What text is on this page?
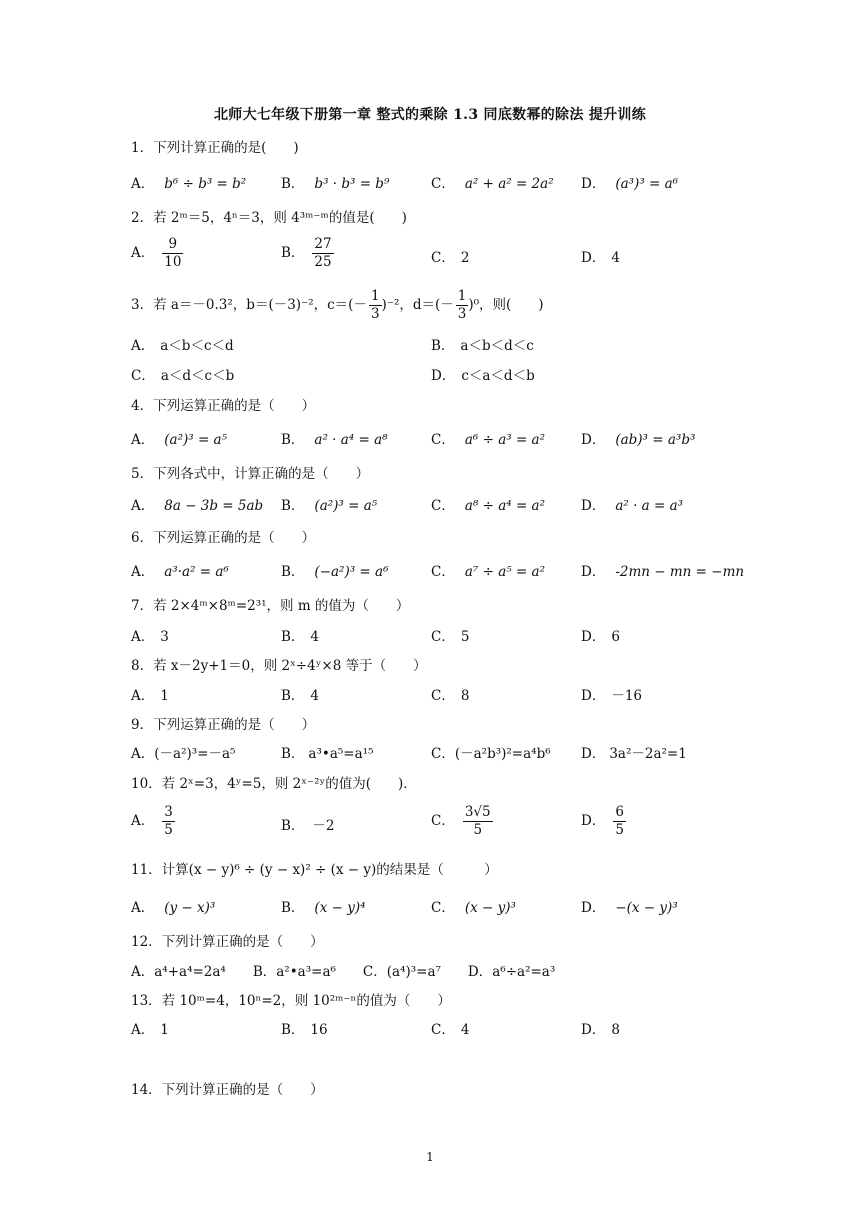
北师大七年级下册第一章 整式的乘除 1.3 同底数幂的除法 提升训练
1．下列计算正确的是(　　)
A． b⁶ ÷ b³ = b²	B． b³ · b³ = b⁹	C． a² + a² = 2a² D． (a³)³ = a⁶
2．若 2ᵐ＝5，4ⁿ＝3，则 4³ᵐ⁻ᵐ的值是(　　)
A． $\frac{9}{10}$	B． $\frac{27}{25}$	C． 2	D． 4
3．若 a＝－0.3²，b＝(－3)⁻²，$c=(- \frac{1}{3} )^{-2}$，$d=(- \frac{1}{3} )^0$，则(　　)
A． a＜b＜c＜d	B． a＜b＜d＜c
C． a＜d＜c＜b	D． c＜a＜d＜b
4．下列运算正确的是（　　）
A． (a²)³ = a⁵	B． a² · a⁴ = a⁸	C． a⁶ ÷ a³ = a²	D． (ab)³ = a³b³
5．下列各式中，计算正确的是（　　）
A． 8a − 3b = 5ab B． (a²)³ = a⁵	C． a⁸ ÷ a⁴ = a²	D． a² · a = a³
6．下列运算正确的是（　　）
A． a³·a² = a⁶	B． (−a²)³ = a⁶	C． a⁷ ÷ a⁵ = a²	D． -2mn − mn = −mn
7．若 2×4ᵐ×8ᵐ=2³¹，则 m 的值为（　　）
A． 3	B． 4	C． 5	D． 6
8．若 x－2y+1＝0，则 2ˣ÷4ʸ×8 等于（　　）
A． 1	B． 4	C． 8	D． －16
9．下列运算正确的是（　　）
A．(－a²)³=－a⁵	B． a³•a⁵=a¹⁵	C．(－a²b³)²=a⁴b⁶ D． 3a²－2a²=1
10．若 2ˣ=3，4ʸ=5，则 2ˣ⁻²ʸ的值为(　　)．
A． $\frac{3}{5}$	B． －2	C． $\frac{3√5}{5}$	D． $\frac{6}{5}$
11．计算(x − y)⁶ ÷ (y − x)² ÷ (x − y)的结果是（　　　）
A． (y − x)³	B． (x − y)⁴	C． (x − y)³	D． −(x − y)³
12．下列计算正确的是（　　）
A．a⁴+a⁴=2a⁴　　B．a²•a³=a⁶　　C．(a⁴)³=a⁷　　D．a⁶÷a²=a³
13．若 10ᵐ=4，10ⁿ=2，则 10²ᵐ⁻ⁿ的值为（　　）
A． 1	B． 16	C． 4	D． 8
14．下列计算正确的是（　　）
1
